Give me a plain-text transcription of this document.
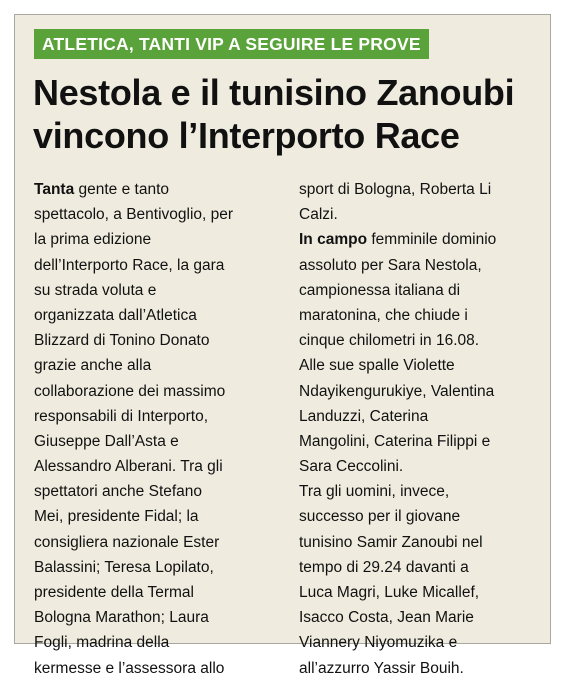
ATLETICA, TANTI VIP A SEGUIRE LE PROVE
Nestola e il tunisino Zanoubi
vincono l’Interporto Race
Tanta gente e tanto
spettacolo, a Bentivoglio, per
la prima edizione
dell’Interporto Race, la gara
su strada voluta e
organizzata dall’Atletica
Blizzard di Tonino Donato
grazie anche alla
collaborazione dei massimo
responsabili di Interporto,
Giuseppe Dall’Asta e
Alessandro Alberani. Tra gli
spettatori anche Stefano
Mei, presidente Fidal; la
consigliera nazionale Ester
Balassini; Teresa Lopilato,
presidente della Termal
Bologna Marathon; Laura
Fogli, madrina della
kermesse e l’assessora allo
sport di Bologna, Roberta Li
Calzi.
In campo femminile dominio
assoluto per Sara Nestola,
campionessa italiana di
maratonina, che chiude i
cinque chilometri in 16.08.
Alle sue spalle Violette
Ndayikengurukiye, Valentina
Landuzzi, Caterina
Mangolini, Caterina Filippi e
Sara Ceccolini.
Tra gli uomini, invece,
successo per il giovane
tunisino Samir Zanoubi nel
tempo di 29.24 davanti a
Luca Magri, Luke Micallef,
Isacco Costa, Jean Marie
Viannery Niyomuzika e
all’azzurro Yassir Bouih.
